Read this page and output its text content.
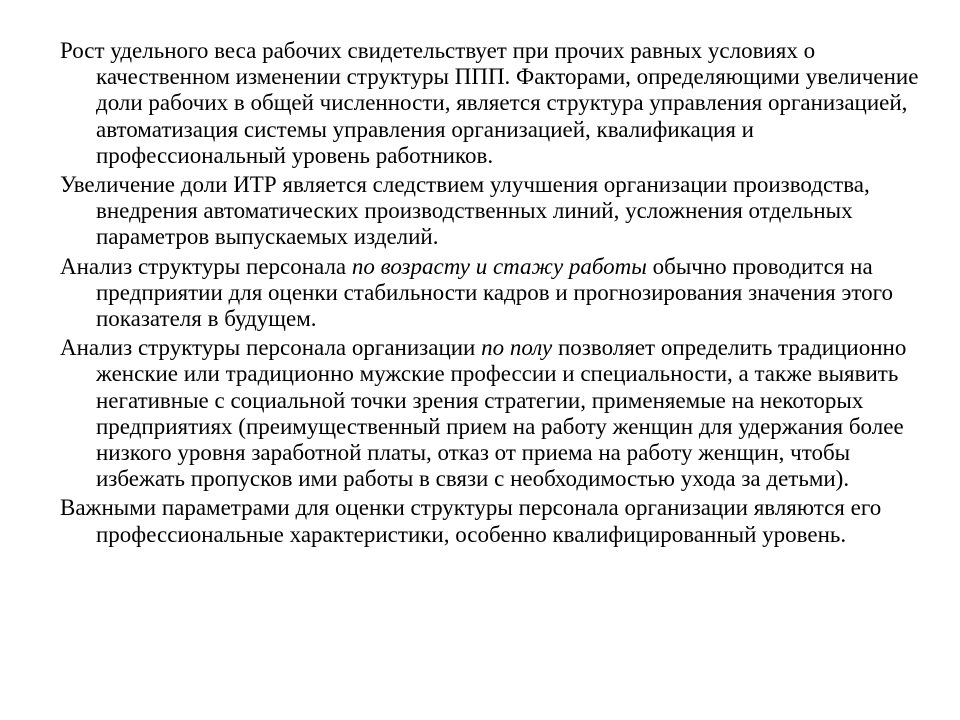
Рост удельного веса рабочих свидетельствует при прочих равных условиях о качественном изменении структуры ППП. Факторами, определяющими увеличение доли рабочих в общей численности, является структура управления организацией, автоматизация системы управления организацией, квалификация и профессиональный уровень работников.

Увеличение доли ИТР является следствием улучшения организации производства, внедрения автоматических производственных линий, усложнения отдельных параметров выпускаемых изделий.

Анализ структуры персонала по возрасту и стажу работы обычно проводится на предприятии для оценки стабильности кадров и прогнозирования значения этого показателя в будущем.

Анализ структуры персонала организации по полу позволяет определить традиционно женские или традиционно мужские профессии и специальности, а также выявить негативные с социальной точки зрения стратегии, применяемые на некоторых предприятиях (преимущественный прием на работу женщин для удержания более низкого уровня заработной платы, отказ от приема на работу женщин, чтобы избежать пропусков ими работы в связи с необходимостью ухода за детьми).

Важными параметрами для оценки структуры персонала организации являются его профессиональные характеристики, особенно квалифицированный уровень.
